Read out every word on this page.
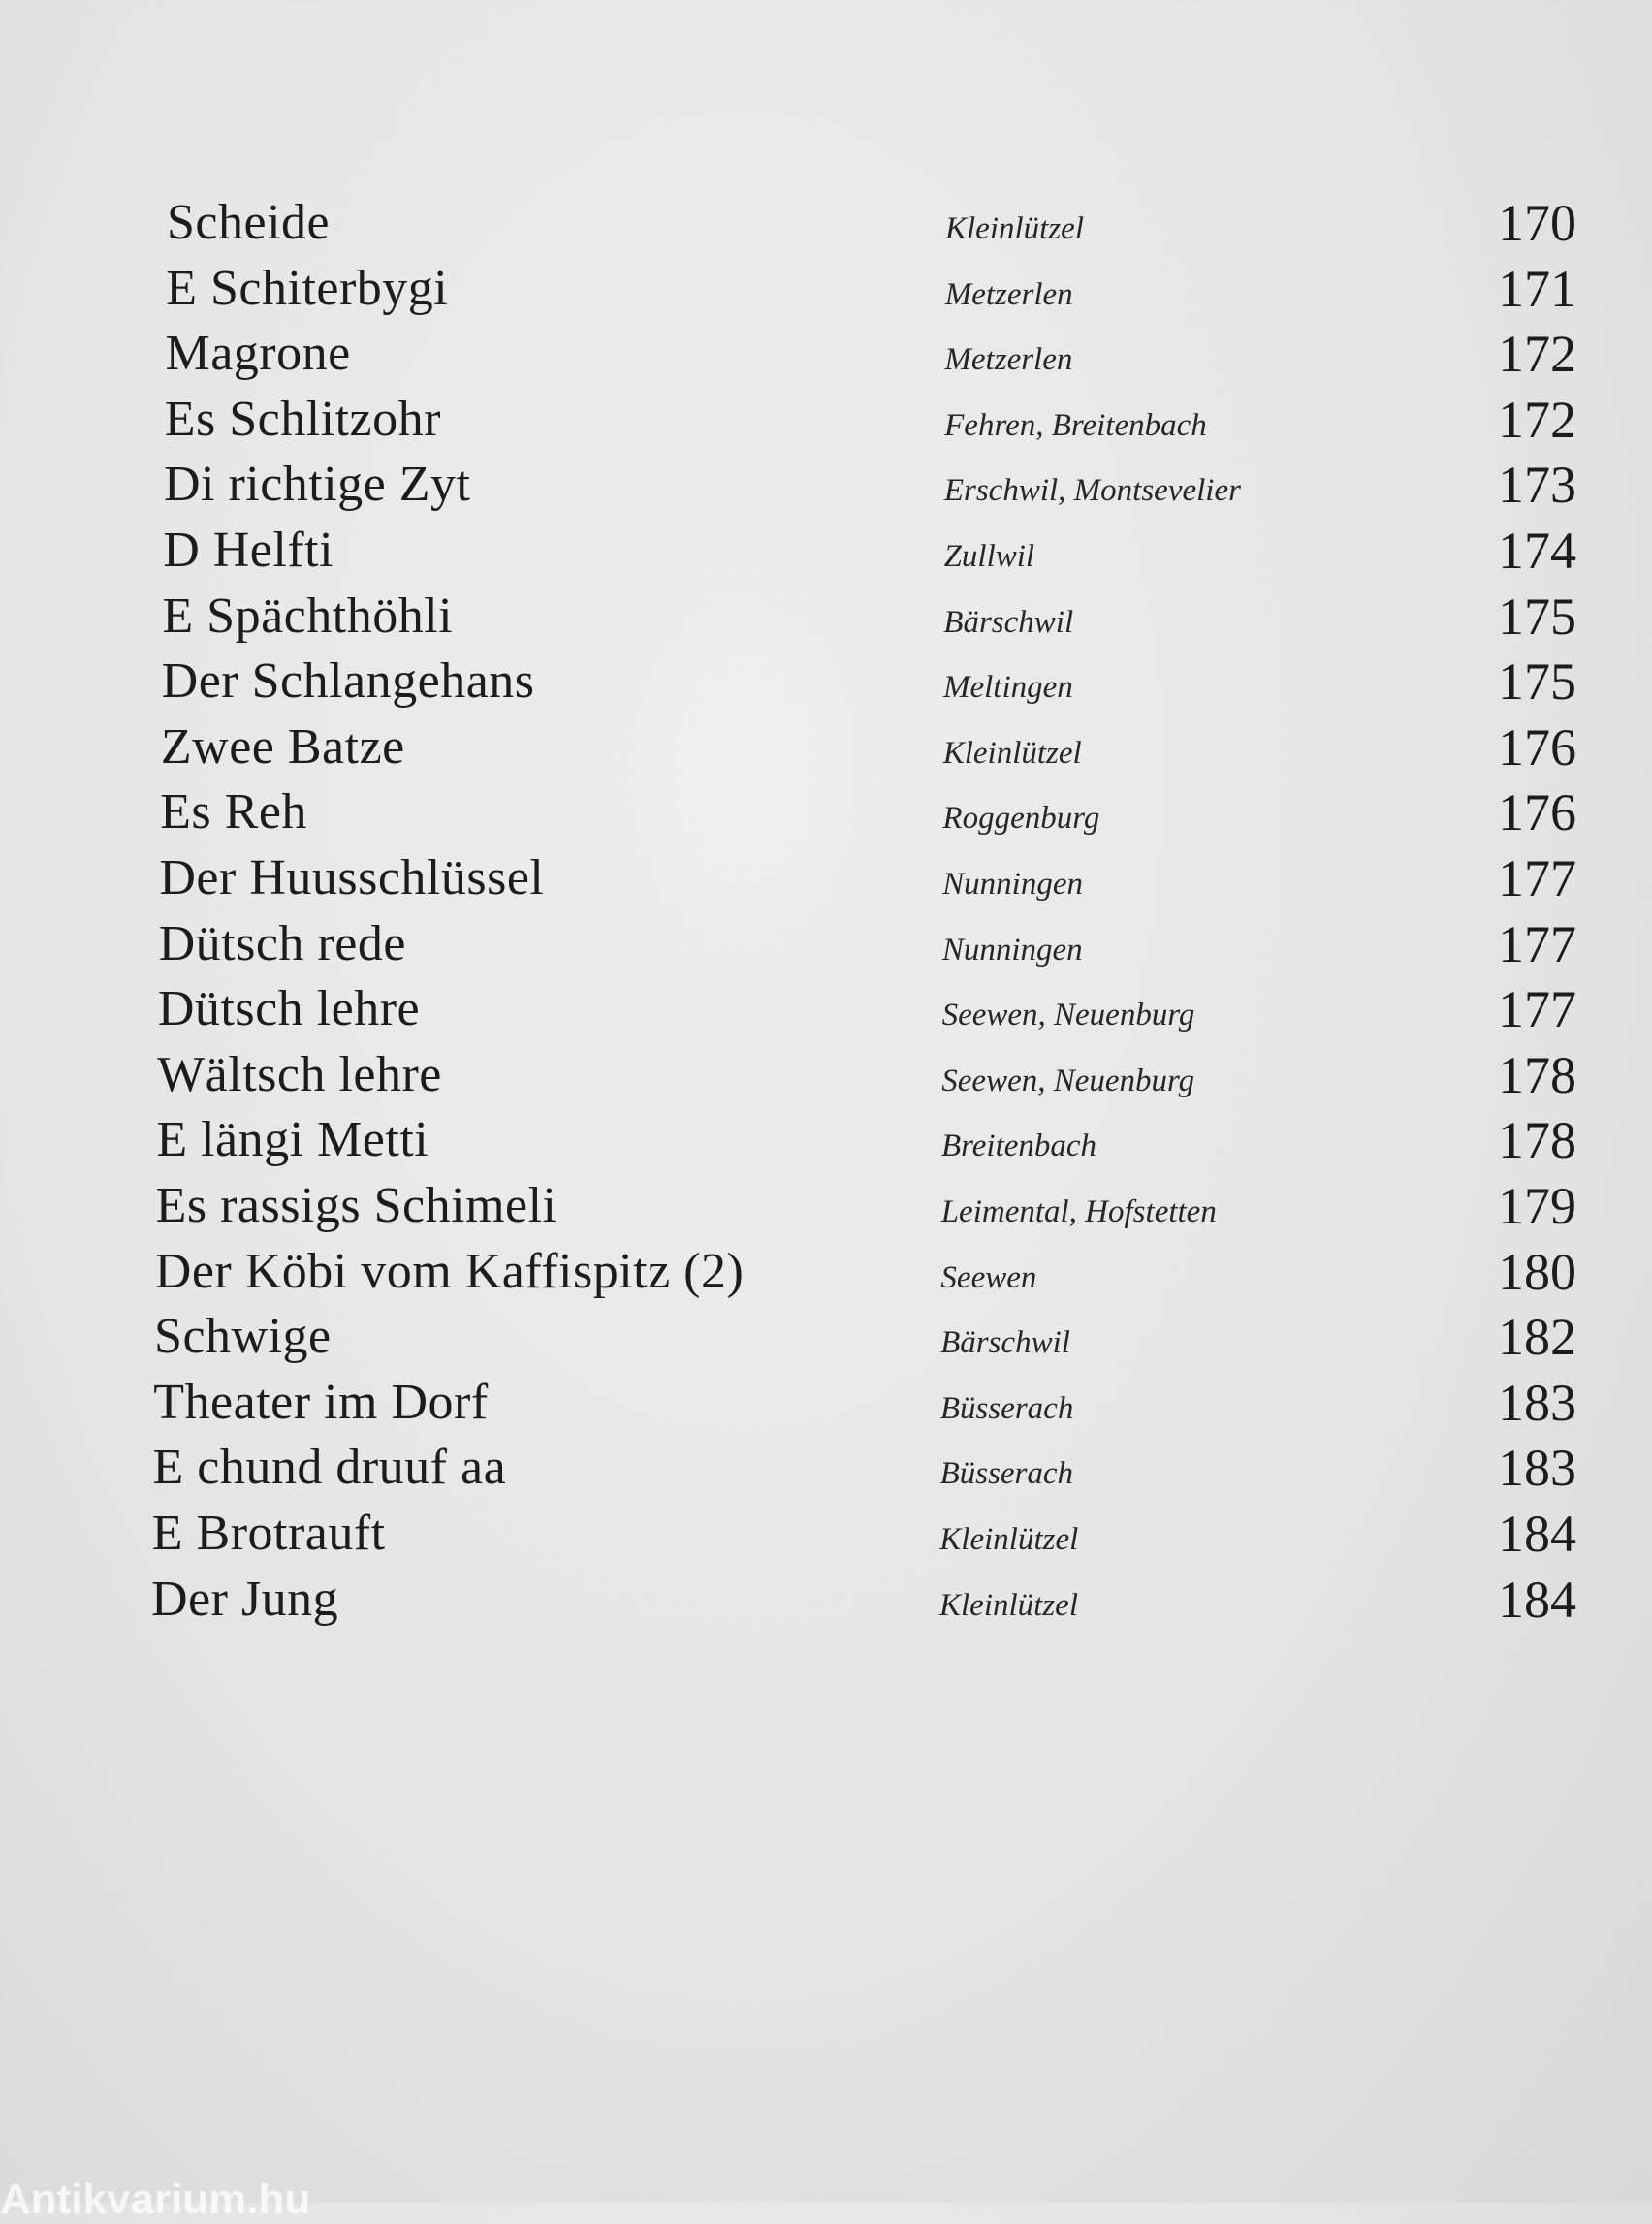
Scheide	Kleinlützel	170
E Schiterbygi	Metzerlen	171
Magrone	Metzerlen	172
Es Schlitzohr	Fehren, Breitenbach	172
Di richtige Zyt	Erschwil, Montsevelier	173
D Helfti	Zullwil	174
E Spächthöhli	Bärschwil	175
Der Schlangehans	Meltingen	175
Zwee Batze	Kleinlützel	176
Es Reh	Roggenburg	176
Der Huusschlüssel	Nunningen	177
Dütsch rede	Nunningen	177
Dütsch lehre	Seewen, Neuenburg	177
Wältsch lehre	Seewen, Neuenburg	178
E längi Metti	Breitenbach	178
Es rassigs Schimeli	Leimental, Hofstetten	179
Der Köbi vom Kaffispitz (2)	Seewen	180
Schwige	Bärschwil	182
Theater im Dorf	Büsserach	183
E chund druuf aa	Büsserach	183
E Brotrauft	Kleinlützel	184
Der Jung	Kleinlützel	184
Antikvarium.hu
